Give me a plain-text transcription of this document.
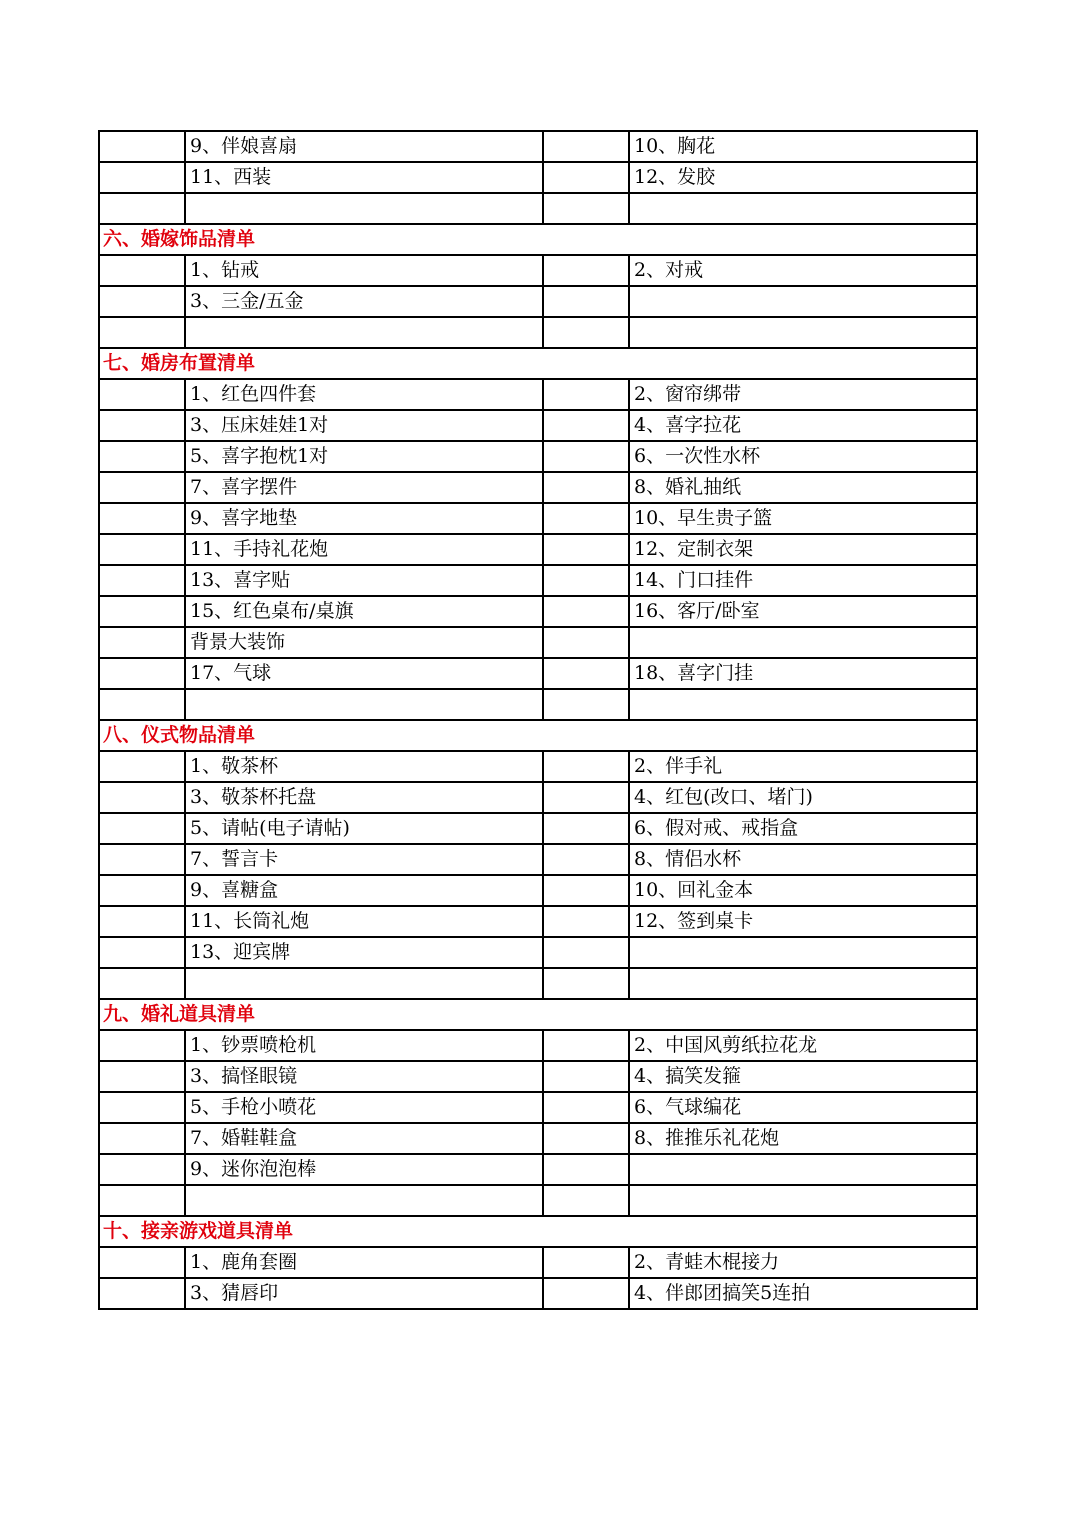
	9、伴娘喜扇		10、胸花
	11、西装		12、发胶

六、婚嫁饰品清单			
	1、钻戒		2、对戒
	3、三金/五金		

七、婚房布置清单			
	1、红色四件套		2、窗帘绑带
	3、压床娃娃1对		4、喜字拉花
	5、喜字抱枕1对		6、一次性水杯
	7、喜字摆件		8、婚礼抽纸
	9、喜字地垫		10、早生贵子篮
	11、手持礼花炮		12、定制衣架
	13、喜字贴		14、门口挂件
	15、红色桌布/桌旗		16、客厅/卧室
	背景大装饰		
	17、气球		18、喜字门挂

八、仪式物品清单			
	1、敬茶杯		2、伴手礼
	3、敬茶杯托盘		4、红包(改口、堵门)
	5、请帖(电子请帖)		6、假对戒、戒指盒
	7、誓言卡		8、情侣水杯
	9、喜糖盒		10、回礼金本
	11、长筒礼炮		12、签到桌卡
	13、迎宾牌		

九、婚礼道具清单			
	1、钞票喷枪机		2、中国风剪纸拉花龙
	3、搞怪眼镜		4、搞笑发箍
	5、手枪小喷花		6、气球编花
	7、婚鞋鞋盒		8、推推乐礼花炮
	9、迷你泡泡棒		

十、接亲游戏道具清单			
	1、鹿角套圈		2、青蛙木棍接力
	3、猜唇印		4、伴郎团搞笑5连拍
